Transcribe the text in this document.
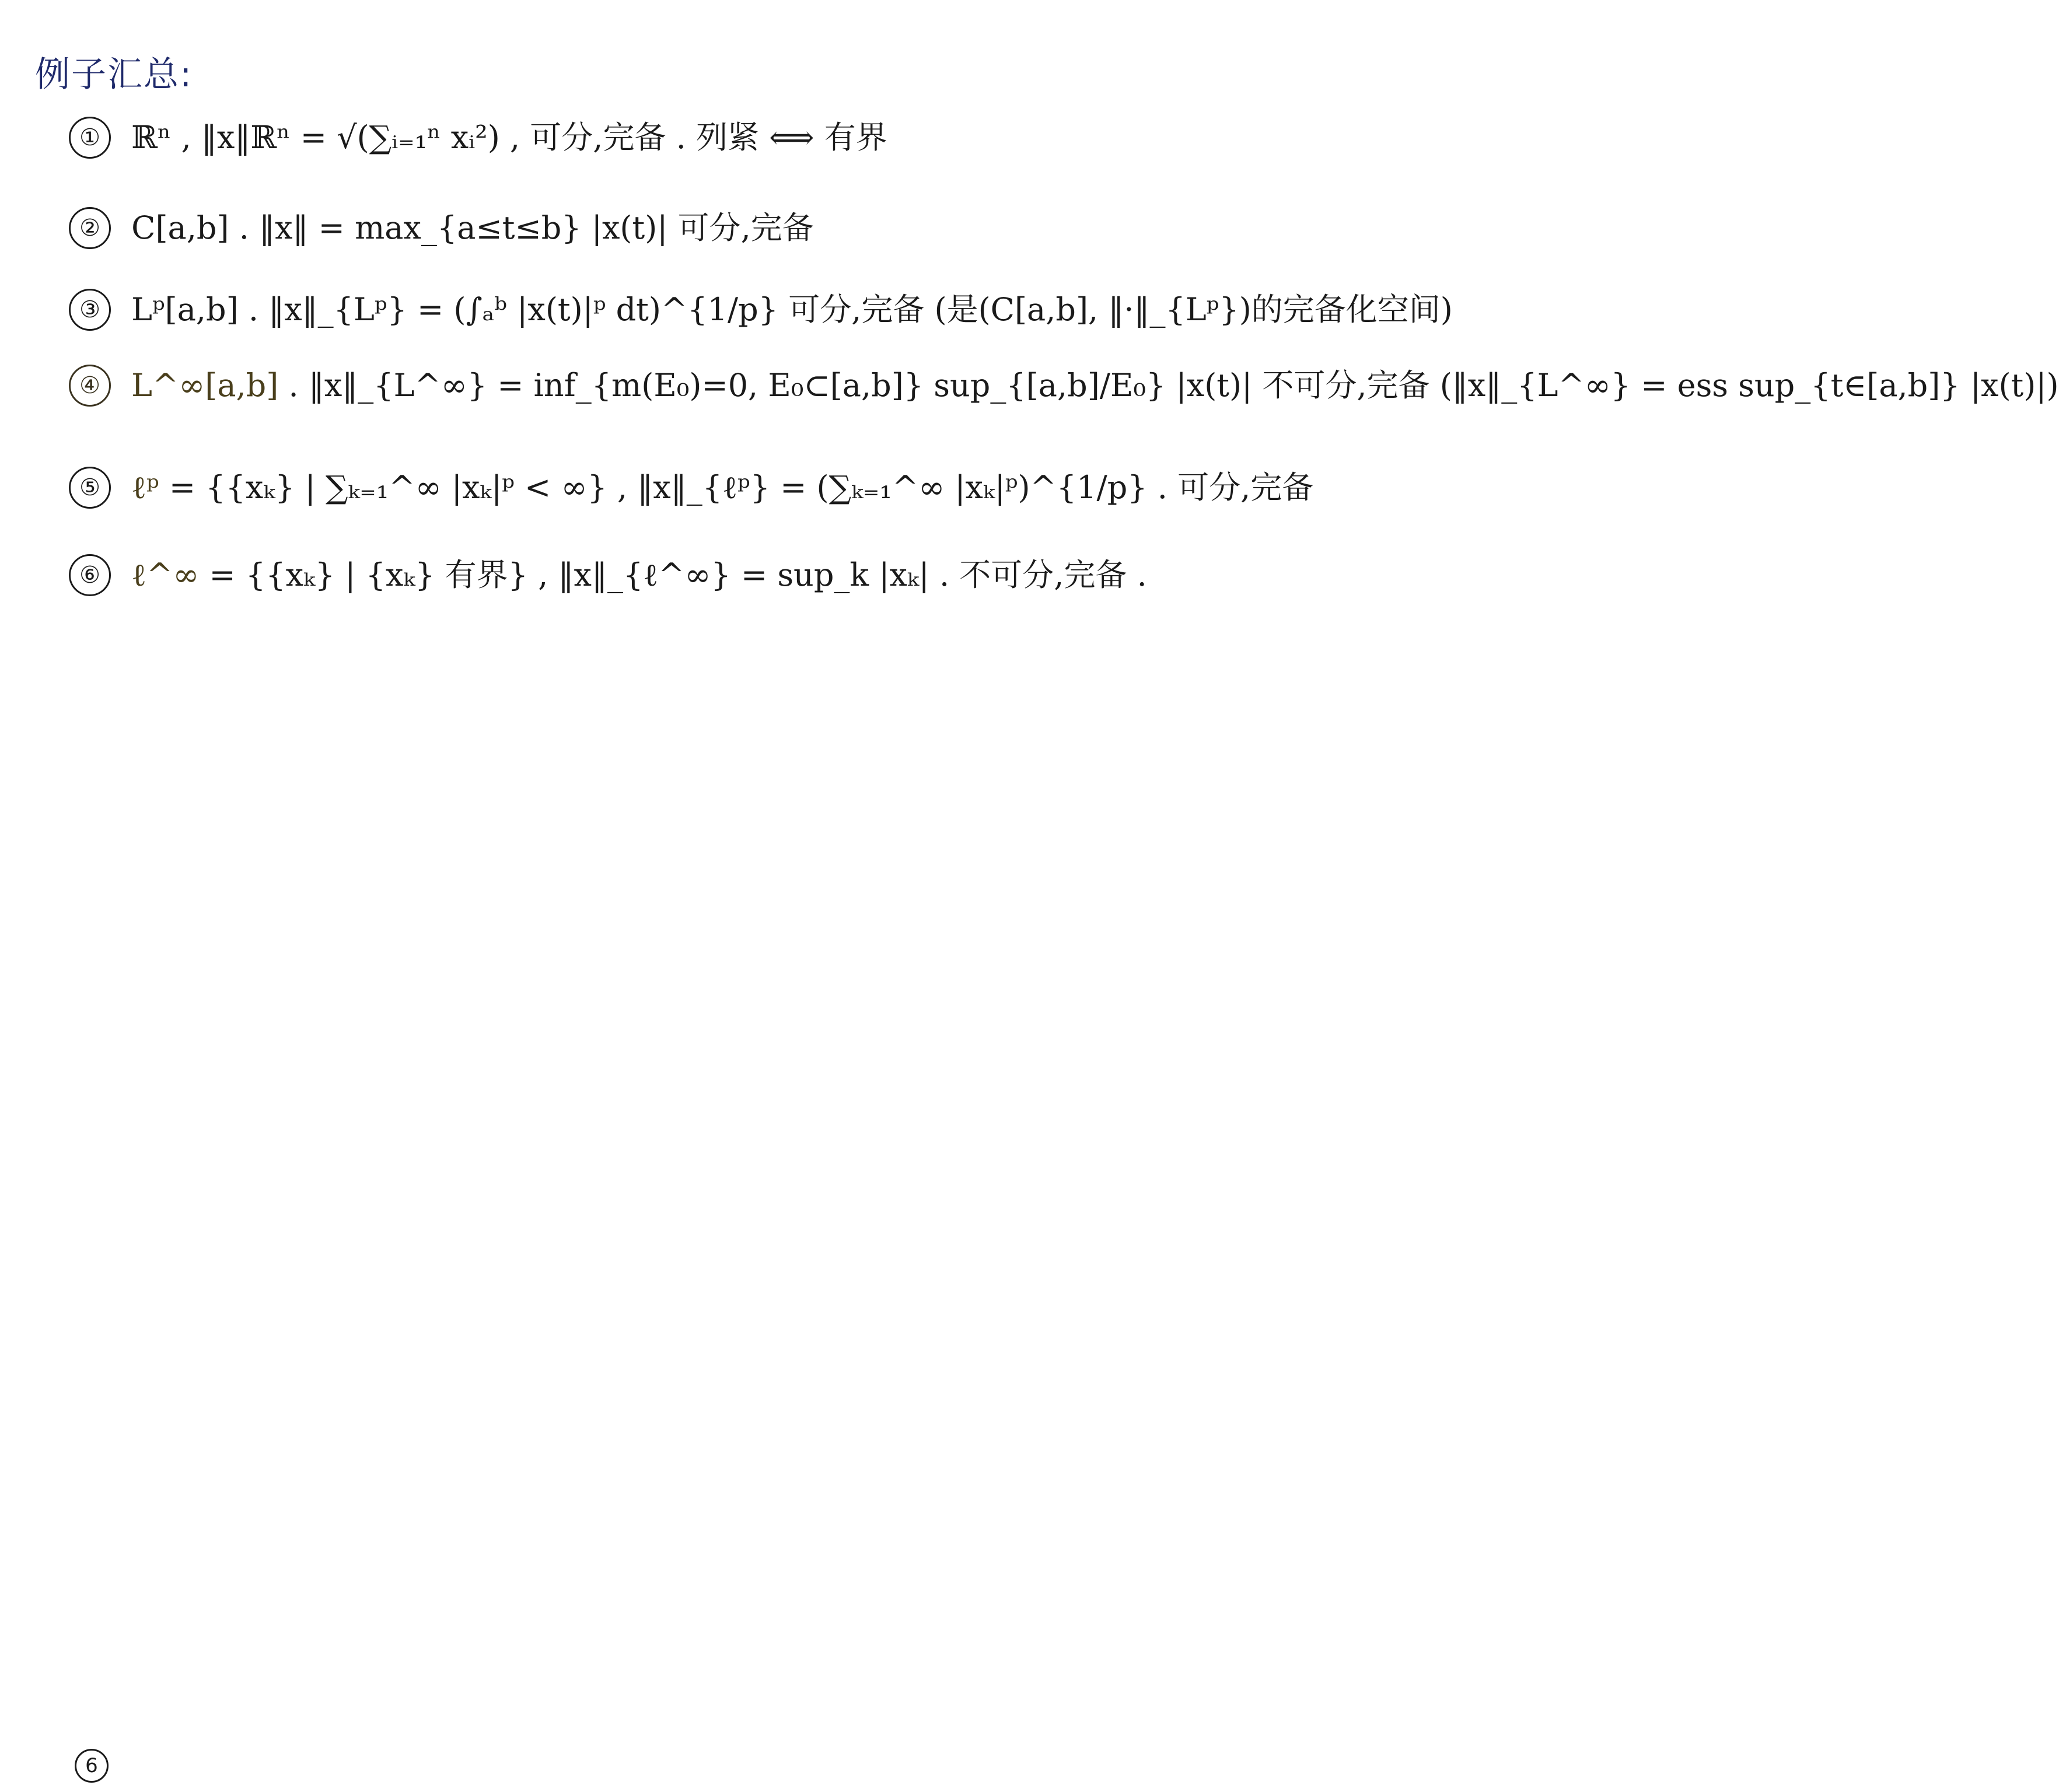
例子汇总:
① ℝⁿ , ‖x‖ℝⁿ = √(∑ᵢ₌₁ⁿ xᵢ²) , 可分,完备 . 列紧 ⟺ 有界
② C[a,b] . ‖x‖ = max_{a≤t≤b} |x(t)| 可分,完备
③ Lᵖ[a,b] . ‖x‖_{Lᵖ} = (∫ₐᵇ |x(t)|ᵖ dt)^{1/p} 可分,完备 (是(C[a,b], ‖·‖_{Lᵖ})的完备化空间)
④ L^∞[a,b] . ‖x‖_{L^∞} = inf_{m(E₀)=0, E₀⊂[a,b]} sup_{[a,b]/E₀} |x(t)| 不可分,完备 (‖x‖_{L^∞} = ess sup_{t∈[a,b]} |x(t)|)
⑤ ℓᵖ = {{xₖ} | ∑ₖ₌₁^∞ |xₖ|ᵖ < ∞} , ‖x‖_{ℓᵖ} = (∑ₖ₌₁^∞ |xₖ|ᵖ)^{1/p} . 可分,完备
⑥ ℓ^∞ = {{xₖ} | {xₖ} 有界} , ‖x‖_{ℓ^∞} = sup_k |xₖ| . 不可分,完备 .
6
